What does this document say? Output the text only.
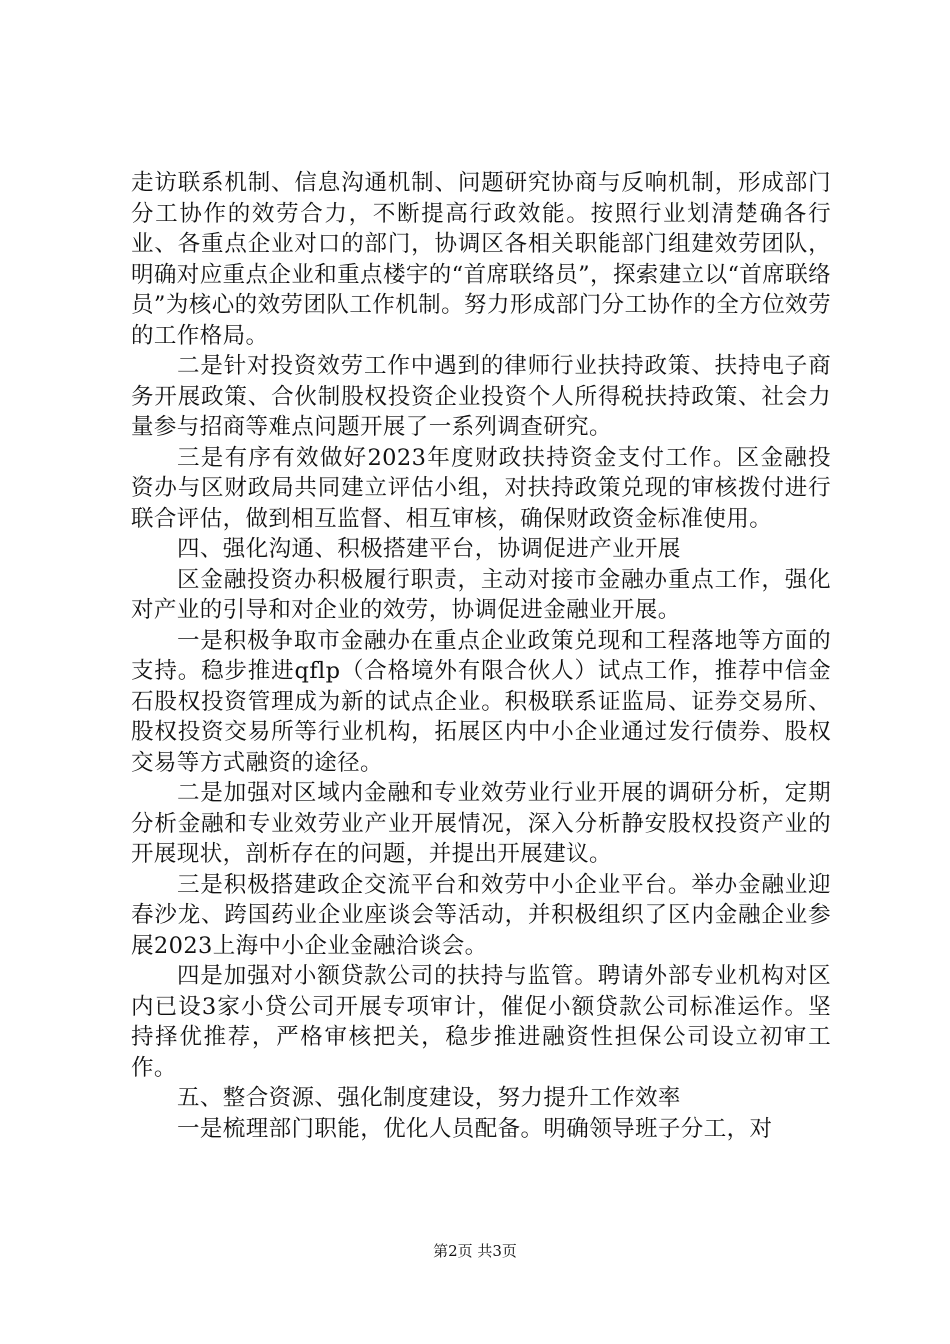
走访联系机制、信息沟通机制、问题研究协商与反响机制，形成部门分工协作的效劳合力，不断提高行政效能。按照行业划清楚确各行业、各重点企业对口的部门，协调区各相关职能部门组建效劳团队，明确对应重点企业和重点楼宇的“首席联络员”，探索建立以“首席联络员”为核心的效劳团队工作机制。努力形成部门分工协作的全方位效劳的工作格局。

二是针对投资效劳工作中遇到的律师行业扶持政策、扶持电子商务开展政策、合伙制股权投资企业投资个人所得税扶持政策、社会力量参与招商等难点问题开展了一系列调查研究。

三是有序有效做好2023年度财政扶持资金支付工作。区金融投资办与区财政局共同建立评估小组，对扶持政策兑现的审核拨付进行联合评估，做到相互监督、相互审核，确保财政资金标准使用。

四、强化沟通、积极搭建平台，协调促进产业开展

区金融投资办积极履行职责，主动对接市金融办重点工作，强化对产业的引导和对企业的效劳，协调促进金融业开展。

一是积极争取市金融办在重点企业政策兑现和工程落地等方面的支持。稳步推进qflp（合格境外有限合伙人）试点工作，推荐中信金石股权投资管理成为新的试点企业。积极联系证监局、证券交易所、股权投资交易所等行业机构，拓展区内中小企业通过发行债券、股权交易等方式融资的途径。

二是加强对区域内金融和专业效劳业行业开展的调研分析，定期分析金融和专业效劳业产业开展情况，深入分析静安股权投资产业的开展现状，剖析存在的问题，并提出开展建议。

三是积极搭建政企交流平台和效劳中小企业平台。举办金融业迎春沙龙、跨国药业企业座谈会等活动，并积极组织了区内金融企业参展2023上海中小企业金融洽谈会。

四是加强对小额贷款公司的扶持与监管。聘请外部专业机构对区内已设3家小贷公司开展专项审计，催促小额贷款公司标准运作。坚持择优推荐，严格审核把关，稳步推进融资性担保公司设立初审工作。

五、整合资源、强化制度建设，努力提升工作效率

一是梳理部门职能，优化人员配备。明确领导班子分工，对

第2页 共3页
